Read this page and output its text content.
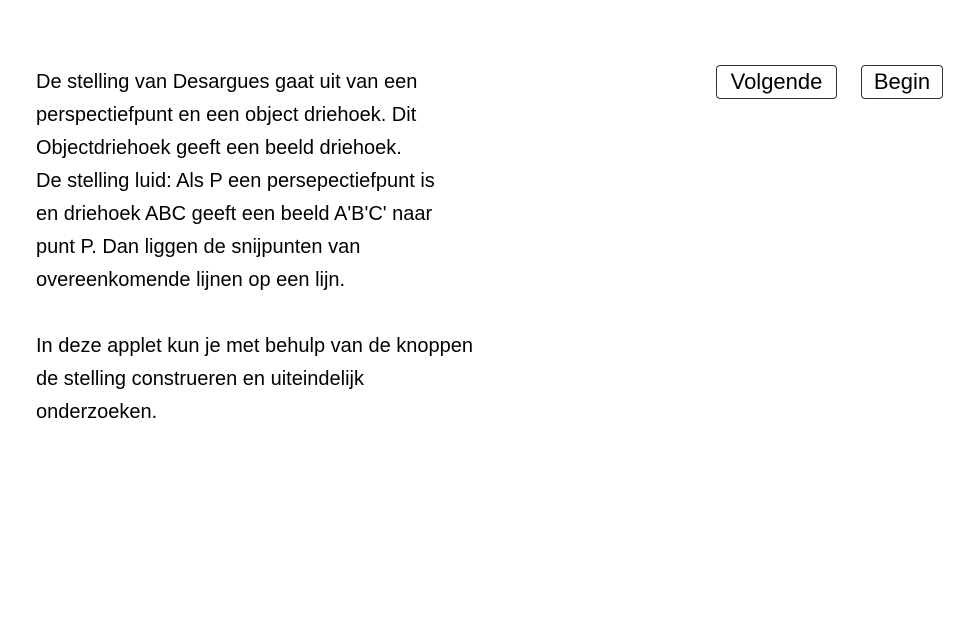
De stelling van Desargues gaat uit van een
perspectiefpunt en een object driehoek. Dit
Objectdriehoek geeft een beeld driehoek.
De stelling luid: Als P een persepectiefpunt is
en driehoek ABC geeft een beeld A'B'C' naar
punt P. Dan liggen de snijpunten van
overeenkomende lijnen op een lijn.
In deze applet kun je met behulp van de knoppen
de stelling construeren en uiteindelijk
onderzoeken.
Volgende	Begin
